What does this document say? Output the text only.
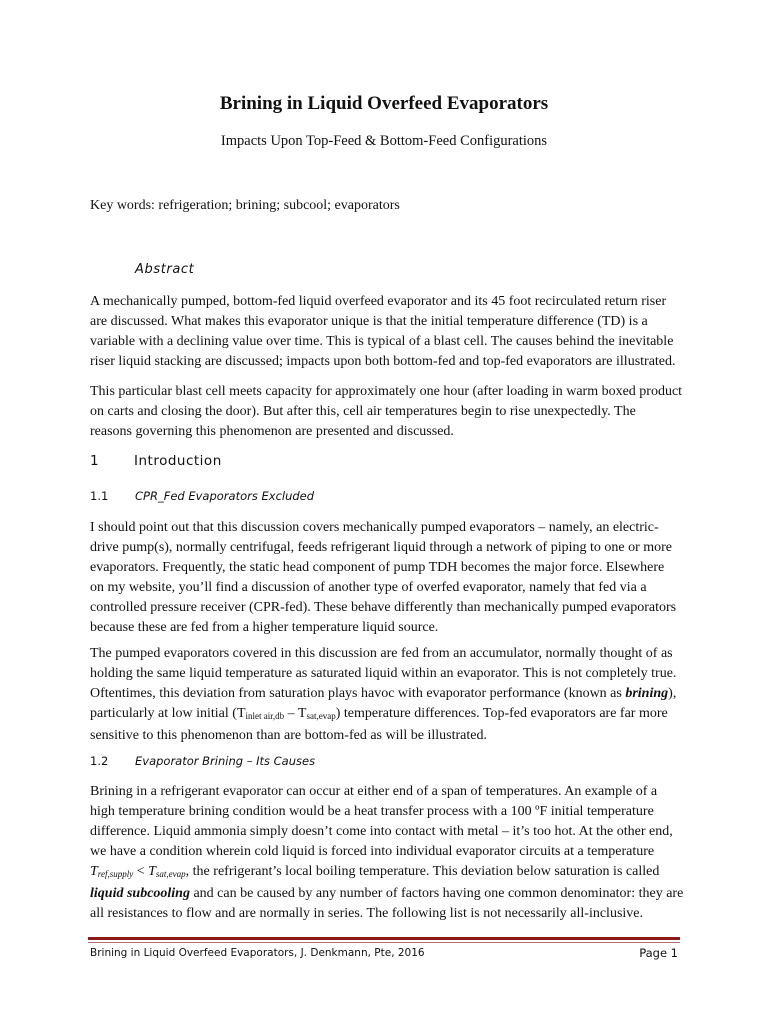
Brining in Liquid Overfeed Evaporators
Impacts Upon Top-Feed & Bottom-Feed Configurations
Key words: refrigeration; brining; subcool; evaporators
Abstract
A mechanically pumped, bottom-fed liquid overfeed evaporator and its 45 foot recirculated return riser
are discussed. What makes this evaporator unique is that the initial temperature difference (TD) is a
variable with a declining value over time. This is typical of a blast cell. The causes behind the inevitable
riser liquid stacking are discussed; impacts upon both bottom-fed and top-fed evaporators are illustrated.
This particular blast cell meets capacity for approximately one hour (after loading in warm boxed product
on carts and closing the door). But after this, cell air temperatures begin to rise unexpectedly. The
reasons governing this phenomenon are presented and discussed.
1	Introduction
1.1 CPR_Fed Evaporators Excluded
I should point out that this discussion covers mechanically pumped evaporators – namely, an electric-
drive pump(s), normally centrifugal, feeds refrigerant liquid through a network of piping to one or more
evaporators. Frequently, the static head component of pump TDH becomes the major force. Elsewhere
on my website, you’ll find a discussion of another type of overfed evaporator, namely that fed via a
controlled pressure receiver (CPR-fed). These behave differently than mechanically pumped evaporators
because these are fed from a higher temperature liquid source.
The pumped evaporators covered in this discussion are fed from an accumulator, normally thought of as
holding the same liquid temperature as saturated liquid within an evaporator. This is not completely true.
Oftentimes, this deviation from saturation plays havoc with evaporator performance (known as brining),
particularly at low initial $(T_{inlet air,db} - T_{sat,evap})$ temperature differences. Top-fed evaporators are far more
sensitive to this phenomenon than are bottom-fed as will be illustrated.
1.2 Evaporator Brining – Its Causes
Brining in a refrigerant evaporator can occur at either end of a span of temperatures. An example of a
high temperature brining condition would be a heat transfer process with a 100 ºF initial temperature
difference. Liquid ammonia simply doesn’t come into contact with metal – it’s too hot. At the other end,
we have a condition wherein cold liquid is forced into individual evaporator circuits at a temperature
$T_{ref,supply} < T_{sat,evap}$, the refrigerant’s local boiling temperature. This deviation below saturation is called
liquid subcooling and can be caused by any number of factors having one common denominator: they are
all resistances to flow and are normally in series. The following list is not necessarily all-inclusive.
Brining in Liquid Overfeed Evaporators, J. Denkmann, Pte, 2016	Page 1
